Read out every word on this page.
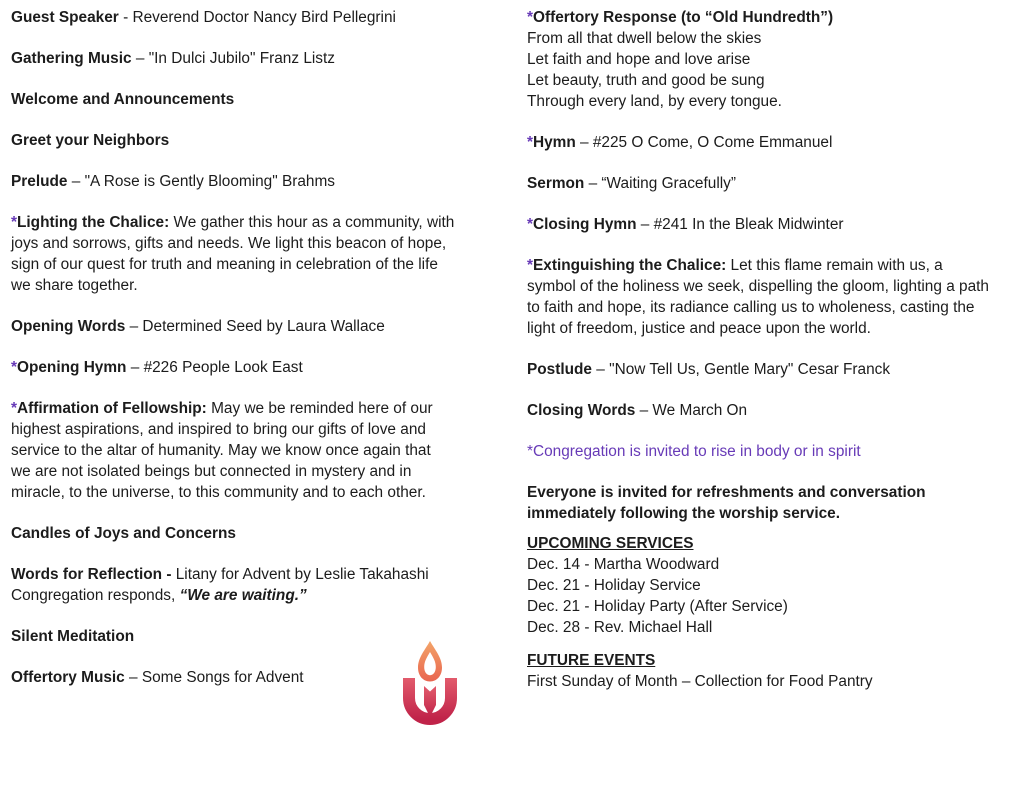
Guest Speaker - Reverend Doctor Nancy Bird Pellegrini

Gathering Music – "In Dulci Jubilo" Franz Listz

Welcome and Announcements

Greet your Neighbors

Prelude – "A Rose is Gently Blooming" Brahms

*Lighting the Chalice: We gather this hour as a community, with
joys and sorrows, gifts and needs. We light this beacon of hope,
sign of our quest for truth and meaning in celebration of the life
we share together.

Opening Words – Determined Seed by Laura Wallace

*Opening Hymn – #226 People Look East

*Affirmation of Fellowship: May we be reminded here of our
highest aspirations, and inspired to bring our gifts of love and
service to the altar of humanity. May we know once again that
we are not isolated beings but connected in mystery and in
miracle, to the universe, to this community and to each other.

Candles of Joys and Concerns

Words for Reflection - Litany for Advent by Leslie Takahashi
Congregation responds, “We are waiting.”

Silent Meditation

Offertory Music – Some Songs for Advent

*Offertory Response (to “Old Hundredth”)
From all that dwell below the skies
Let faith and hope and love arise
Let beauty, truth and good be sung
Through every land, by every tongue.

*Hymn – #225 O Come, O Come Emmanuel

Sermon – “Waiting Gracefully”

*Closing Hymn – #241 In the Bleak Midwinter

*Extinguishing the Chalice: Let this flame remain with us, a
symbol of the holiness we seek, dispelling the gloom, lighting a path
to faith and hope, its radiance calling us to wholeness, casting the
light of freedom, justice and peace upon the world.

Postlude – "Now Tell Us, Gentle Mary" Cesar Franck

Closing Words – We March On

*Congregation is invited to rise in body or in spirit

Everyone is invited for refreshments and conversation
immediately following the worship service.

UPCOMING SERVICES

Dec. 14 - Martha Woodward

Dec. 21 - Holiday Service

Dec. 21 - Holiday Party (After Service)

Dec. 28 - Rev. Michael Hall

FUTURE EVENTS

First Sunday of Month – Collection for Food Pantry
